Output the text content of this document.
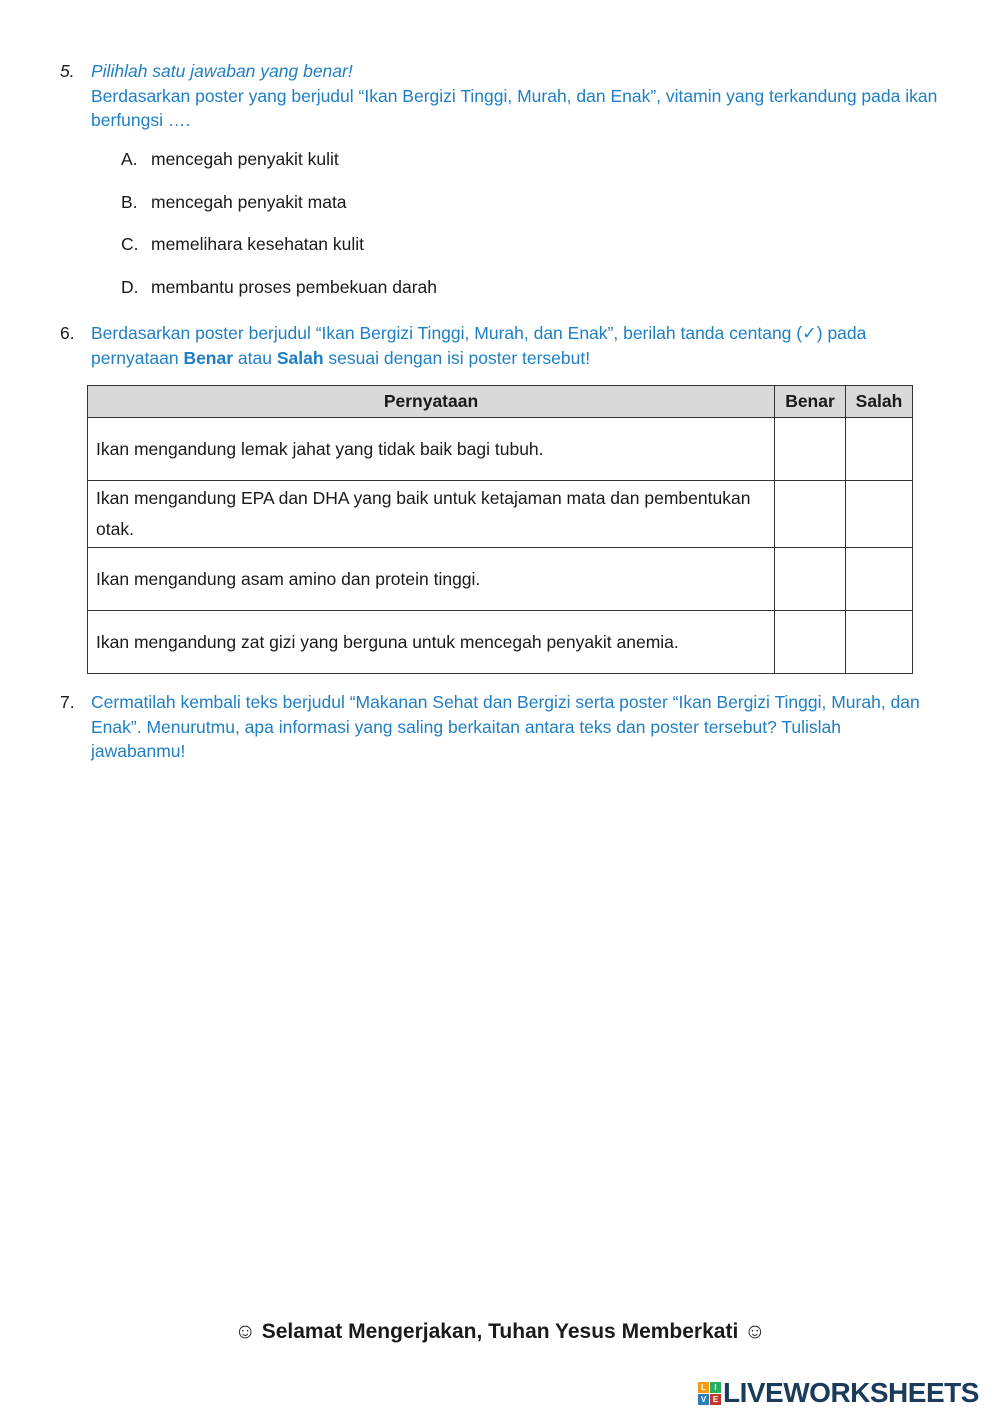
5. Pilihlah satu jawaban yang benar!
Berdasarkan poster yang berjudul “Ikan Bergizi Tinggi, Murah, dan Enak”, vitamin yang terkandung pada ikan berfungsi ….
A. mencegah penyakit kulit
B. mencegah penyakit mata
C. memelihara kesehatan kulit
D. membantu proses pembekuan darah
6. Berdasarkan poster berjudul “Ikan Bergizi Tinggi, Murah, dan Enak”, berilah tanda centang (✓) pada pernyataan Benar atau Salah sesuai dengan isi poster tersebut!
Pernyataan	Benar	Salah
Ikan mengandung lemak jahat yang tidak baik bagi tubuh.		
Ikan mengandung EPA dan DHA yang baik untuk ketajaman mata dan pembentukan otak.		
Ikan mengandung asam amino dan protein tinggi.		
Ikan mengandung zat gizi yang berguna untuk mencegah penyakit anemia.		
7. Cermatilah kembali teks berjudul “Makanan Sehat dan Bergizi serta poster “Ikan Bergizi Tinggi, Murah, dan Enak”. Menurutmu, apa informasi yang saling berkaitan antara teks dan poster tersebut? Tulislah jawabanmu!
☺ Selamat Mengerjakan, Tuhan Yesus Memberkati ☺
L	I
V E LIVEWORKSHEETS
